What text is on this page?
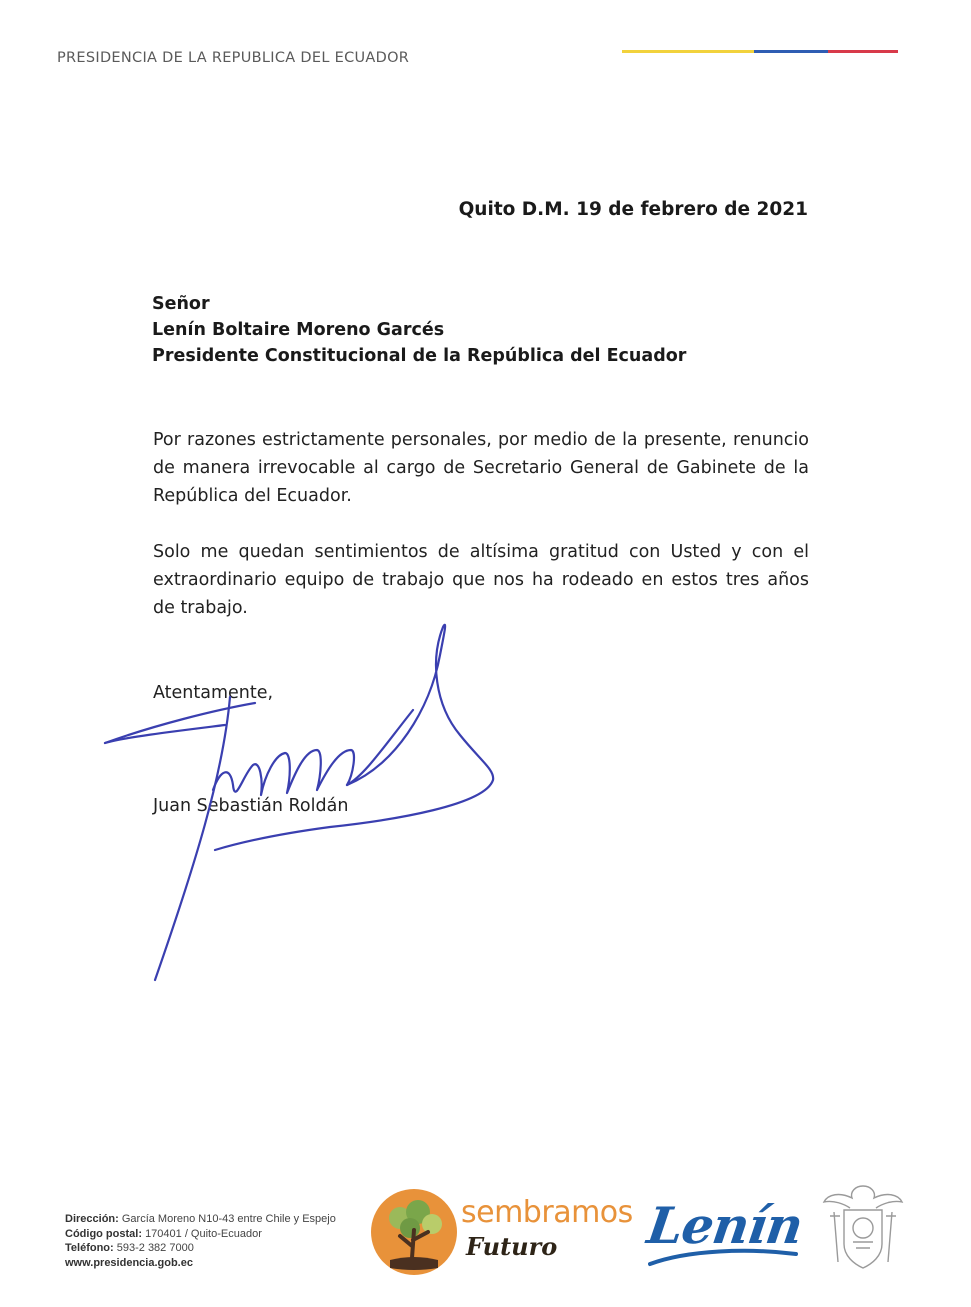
PRESIDENCIA DE LA REPUBLICA DEL ECUADOR
Quito D.M. 19 de febrero de 2021
Señor
Lenín Boltaire Moreno Garcés
Presidente Constitucional de la República del Ecuador
Por razones estrictamente personales, por medio de la presente, renuncio de manera irrevocable al cargo de Secretario General de Gabinete de la República del Ecuador.
Solo me quedan sentimientos de altísima gratitud con Usted y con el extraordinario equipo de trabajo que nos ha rodeado en estos tres años de trabajo.
Atentamente,
Juan Sebastián Roldán
Dirección: García Moreno N10-43 entre Chile y Espejo
Código postal: 170401 / Quito-Ecuador
Teléfono: 593-2 382 7000
www.presidencia.gob.ec
sembramos
Futuro Lenín
